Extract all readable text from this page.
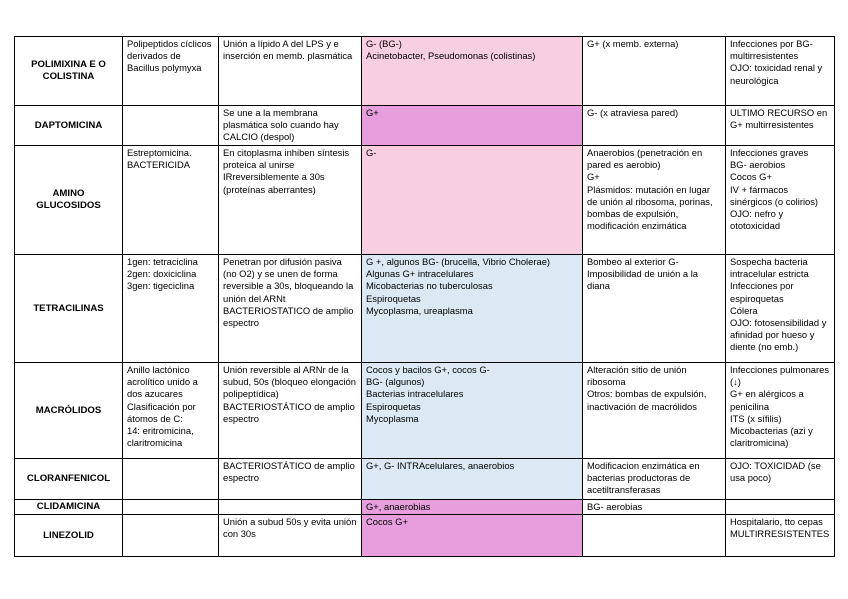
POLIMIXINA E O COLISTINA	Polipeptidos cíclicos derivados de Bacillus polymyxa	Unión a lípido A del LPS y e inserción en memb. plasmática	G- (BG-)
Acinetobacter, Pseudomonas (colistinas)	G+ (x memb. externa)	Infecciones por BG-multirresistentes
OJO: toxicidad renal y neurológica

DAPTOMICINA		Se une a la membrana plasmática solo cuando hay CALCIO (despol)	G+	G- (x atraviesa pared)	ULTIMO RECURSO en G+ multirresistentes

AMINO GLUCOSIDOS	Estreptomicina. BACTERICIDA	En citoplasma inhiben síntesis proteica al unirse IRreversiblemente a 30s (proteínas aberrantes)	G-	Anaerobios (penetración en pared es aerobio)
G+
Plásmidos: mutación en lugar de unión al ribosoma, porinas, bombas de expulsión, modificación enzimática	Infecciones graves
BG- aerobios
Cocos G+
IV + fármacos sinérgicos (o colirios)
OJO: nefro y ototoxicidad

TETRACILINAS	1gen: tetraciclina
2gen: doxiciclina
3gen: tigeciclina	Penetran por difusión pasiva (no O2) y se unen de forma reversible a 30s, bloqueando la unión del ARNt
BACTERIOSTATICO de amplio espectro	G +, algunos BG- (brucella, Vibrio Cholerae)
Algunas G+ intracelulares
Micobacterias no tuberculosas
Espiroquetas
Mycoplasma, ureaplasma	Bombeo al exterior G-
Imposibilidad de unión a la diana	Sospecha bacteria intracelular estricta
Infecciones por espiroquetas
Cólera
OJO: fotosensibilidad y afinidad por hueso y diente (no emb.)

MACRÓLIDOS	Anillo lactónico acrolítico unido a dos azucares
Clasificación por átomos de C:
14: eritromicina, claritromicina	Unión reversible al ARNr de la subud, 50s (bloqueo elongación polipeptídica)
BACTERIOSTÁTICO de amplio espectro	Cocos y bacilos G+, cocos G-
BG- (algunos)
Bacterias intracelulares
Espiroquetas
Mycoplasma	Alteración sitio de unión ribosoma
Otros: bombas de expulsión, inactivación de macrólidos	Infecciones pulmonares (↓)
G+ en alérgicos a penicilina
ITS (x sífilis)
Micobacterias (azi y claritromicina)

CLORANFENICOL		BACTERIOSTÁTICO de amplio espectro	G+, G- INTRAcelulares, anaerobios	Modificacion enzimática en bacterias productoras de acetiltransferasas	OJO: TOXICIDAD (se usa poco)

CLIDAMICINA			G+, anaerobias	BG- aerobias	

LINEZOLID		Unión a subud 50s y evita unión con 30s	Cocos G+		Hospitalario, tto cepas MULTIRRESISTENTES
